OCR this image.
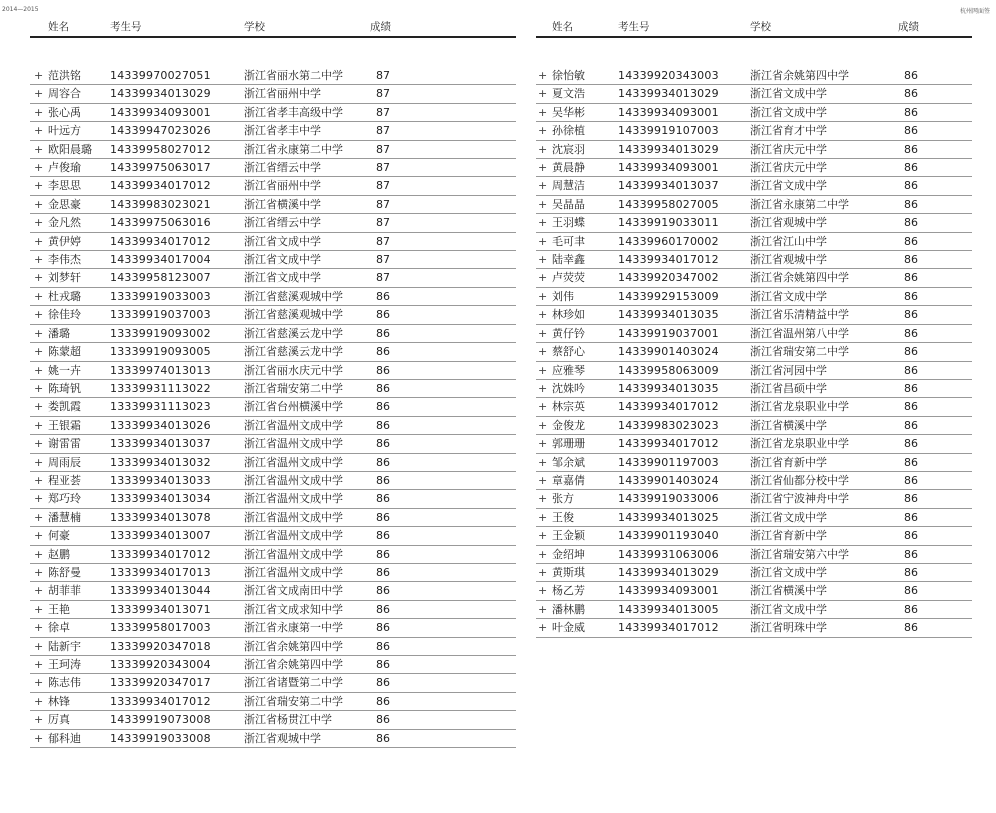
2014—2015	杭州网面签
姓名	考生号	学校	成绩
+ 范洪铭	14339970027051	浙江省丽水第二中学	87
+ 周容合	14339934013029	浙江省丽州中学	87
+ 张心禹	14339934093001	浙江省孝丰高级中学	87
+ 叶远方	14339947023026	浙江省孝丰中学	87
+ 欧阳晨璐 14339958027012	浙江省永康第二中学	87
+ 卢俊瑜	14339975063017	浙江省缙云中学	87
+ 李思思	14339934017012	浙江省丽州中学	87
+ 金思豪	14339983023021	浙江省横溪中学	87
+ 金凡然	14339975063016	浙江省缙云中学	87
+ 黄伊婷	14339934017012	浙江省文成中学	87
+ 李伟杰	14339934017004	浙江省文成中学	87
+ 刘梦轩	14339958123007	浙江省文成中学	87
+ 杜戎璐	13339919033003	浙江省慈溪观城中学	86
+ 徐佳玲	13339919037003	浙江省慈溪观城中学	86
+ 潘璐	13339919093002	浙江省慈溪云龙中学	86
+ 陈蒙超	13339919093005	浙江省慈溪云龙中学	86
+ 姚一卉	13339974013013	浙江省丽水庆元中学	86
+ 陈琦钒	13339931113022	浙江省瑞安第二中学	86
+ 娄凯霞	13339931113023	浙江省台州横溪中学	86
+ 王银霜	13339934013026	浙江省温州文成中学	86
+ 谢雷雷	13339934013037	浙江省温州文成中学	86
+ 周雨辰	13339934013032	浙江省温州文成中学	86
+ 程亚荟	13339934013033	浙江省温州文成中学	86
+ 郑巧玲	13339934013034	浙江省温州文成中学	86
+ 潘慧楠	13339934013078	浙江省温州文成中学	86
+ 何豪	13339934013007	浙江省温州文成中学	86
+ 赵鹏	13339934017012	浙江省温州文成中学	86
+ 陈舒曼	13339934017013	浙江省温州文成中学	86
+ 胡菲菲	13339934013044	浙江省文成南田中学	86
+ 王艳	13339934013071	浙江省文成求知中学	86
+ 徐卓	13339958017003	浙江省永康第一中学	86
+ 陆新宇	13339920347018	浙江省余姚第四中学	86
+ 王珂涛	13339920343004	浙江省余姚第四中学	86
+ 陈志伟	13339920347017	浙江省诸暨第二中学	86
+ 林锋	13339934017012	浙江省瑞安第二中学	86
+ 厉真	14339919073008	浙江省杨贯江中学	86
+ 郁科迪	14339919033008	浙江省观城中学	86
姓名	考生号	学校	成绩
+ 徐怡敏	14339920343003	浙江省余姚第四中学	86
+ 夏文浩	14339934013029	浙江省文成中学	86
+ 吴华彬	14339934093001	浙江省文成中学	86
+ 孙徐植	14339919107003	浙江省育才中学	86
+ 沈宸羽	14339934013029	浙江省庆元中学	86
+ 黄晨静	14339934093001	浙江省庆元中学	86
+ 周慧洁	14339934013037	浙江省文成中学	86
+ 吴晶晶	14339958027005	浙江省永康第二中学	86
+ 王羽蝶	14339919033011	浙江省观城中学	86
+ 毛可聿	14339960170002	浙江省江山中学	86
+ 陆幸鑫	14339934017012	浙江省观城中学	86
+ 卢荧荧	14339920347002	浙江省余姚第四中学	86
+ 刘伟	14339929153009	浙江省文成中学	86
+ 林珍如	14339934013035	浙江省乐清精益中学	86
+ 黄仔钤	14339919037001	浙江省温州第八中学	86
+ 蔡舒心	14339901403024	浙江省瑞安第二中学	86
+ 应雅琴	14339958063009	浙江省河园中学	86
+ 沈姝吟	14339934013035	浙江省昌硕中学	86
+ 林宗英	14339934017012	浙江省龙泉职业中学	86
+ 金俊龙	14339983023023	浙江省横溪中学	86
+ 郭珊珊	14339934017012	浙江省龙泉职业中学	86
+ 邹余斌	14339901197003	浙江省育新中学	86
+ 章嘉倩	14339901403024	浙江省仙都分校中学	86
+ 张方	14339919033006	浙江省宁波神舟中学	86
+ 王俊	14339934013025	浙江省文成中学	86
+ 王金颖	14339901193040	浙江省育新中学	86
+ 金绍坤	14339931063006	浙江省瑞安第六中学	86
+ 黄斯琪	14339934013029	浙江省文成中学	86
+ 杨乙芳	14339934093001	浙江省横溪中学	86
+ 潘林鹏	14339934013005	浙江省文成中学	86
+ 叶金威	14339934017012	浙江省明珠中学	86
